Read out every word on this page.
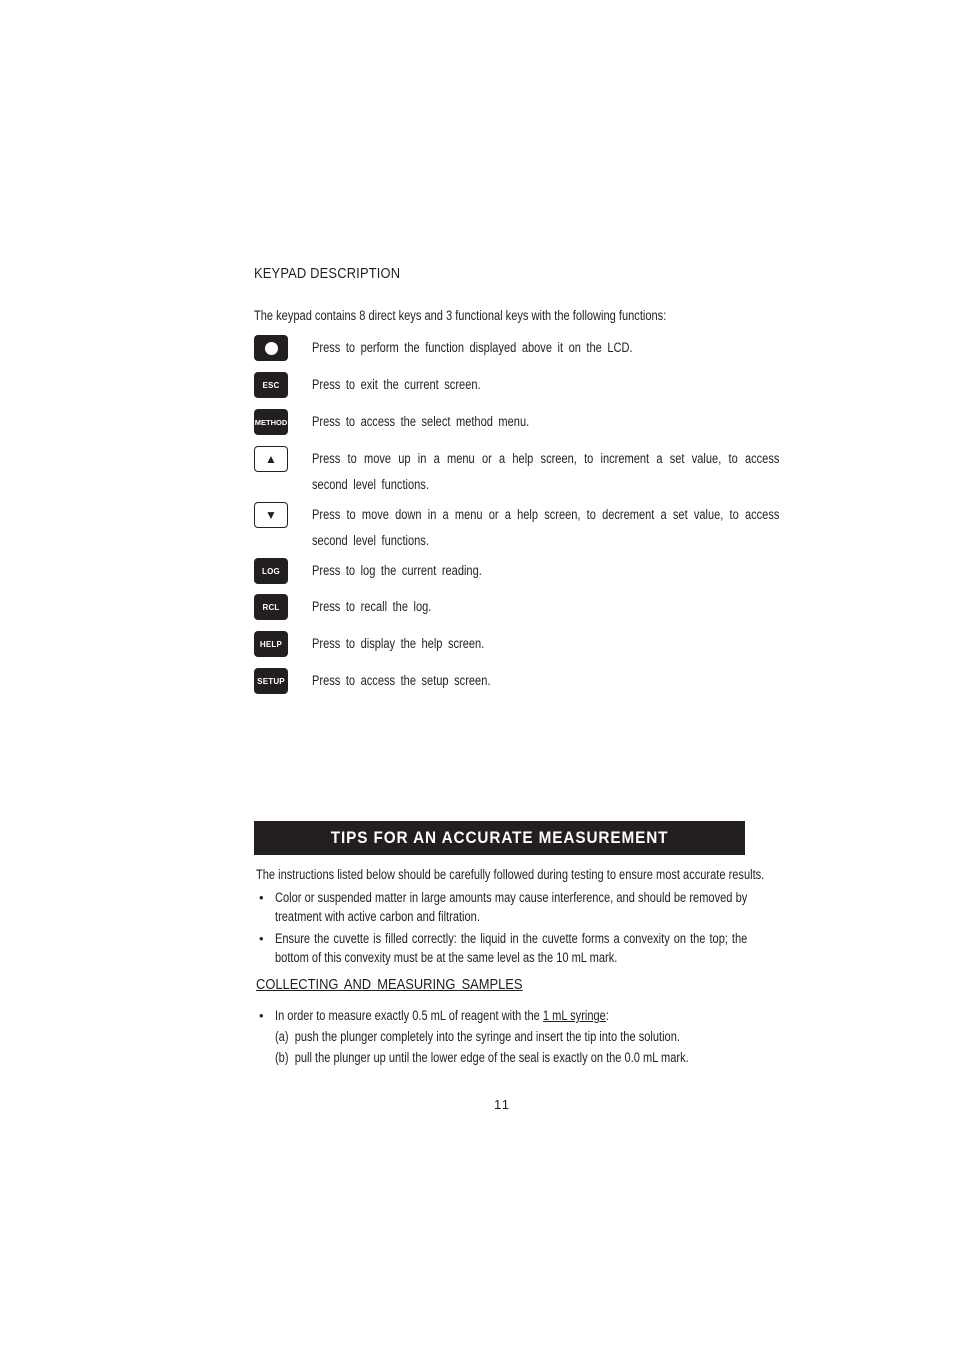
KEYPAD DESCRIPTION
The keypad contains 8 direct keys and 3 functional keys with the following functions:
Press to perform the function displayed above it on the LCD.
ESC	Press to exit the current screen.
METHOD Press to access the select method menu.
▲	Press to move up in a menu or a help screen, to increment a set value, to access second level functions.
▼	Press to move down in a menu or a help screen, to decrement a set value, to access second level functions.
LOG	Press to log the current reading.
RCL	Press to recall the log.
HELP	Press to display the help screen.
SETUP Press to access the setup screen.
TIPS FOR AN ACCURATE MEASUREMENT
The instructions listed below should be carefully followed during testing to ensure most accurate results.
• Color or suspended matter in large amounts may cause interference, and should be removed by treatment with active carbon and filtration.
• Ensure the cuvette is filled correctly: the liquid in the cuvette forms a convexity on the top; the bottom of this convexity must be at the same level as the 10 mL mark.
COLLECTING AND MEASURING SAMPLES
• In order to measure exactly 0.5 mL of reagent with the 1 mL syringe:
(a) push the plunger completely into the syringe and insert the tip into the solution.
(b) pull the plunger up until the lower edge of the seal is exactly on the 0.0 mL mark.
11
